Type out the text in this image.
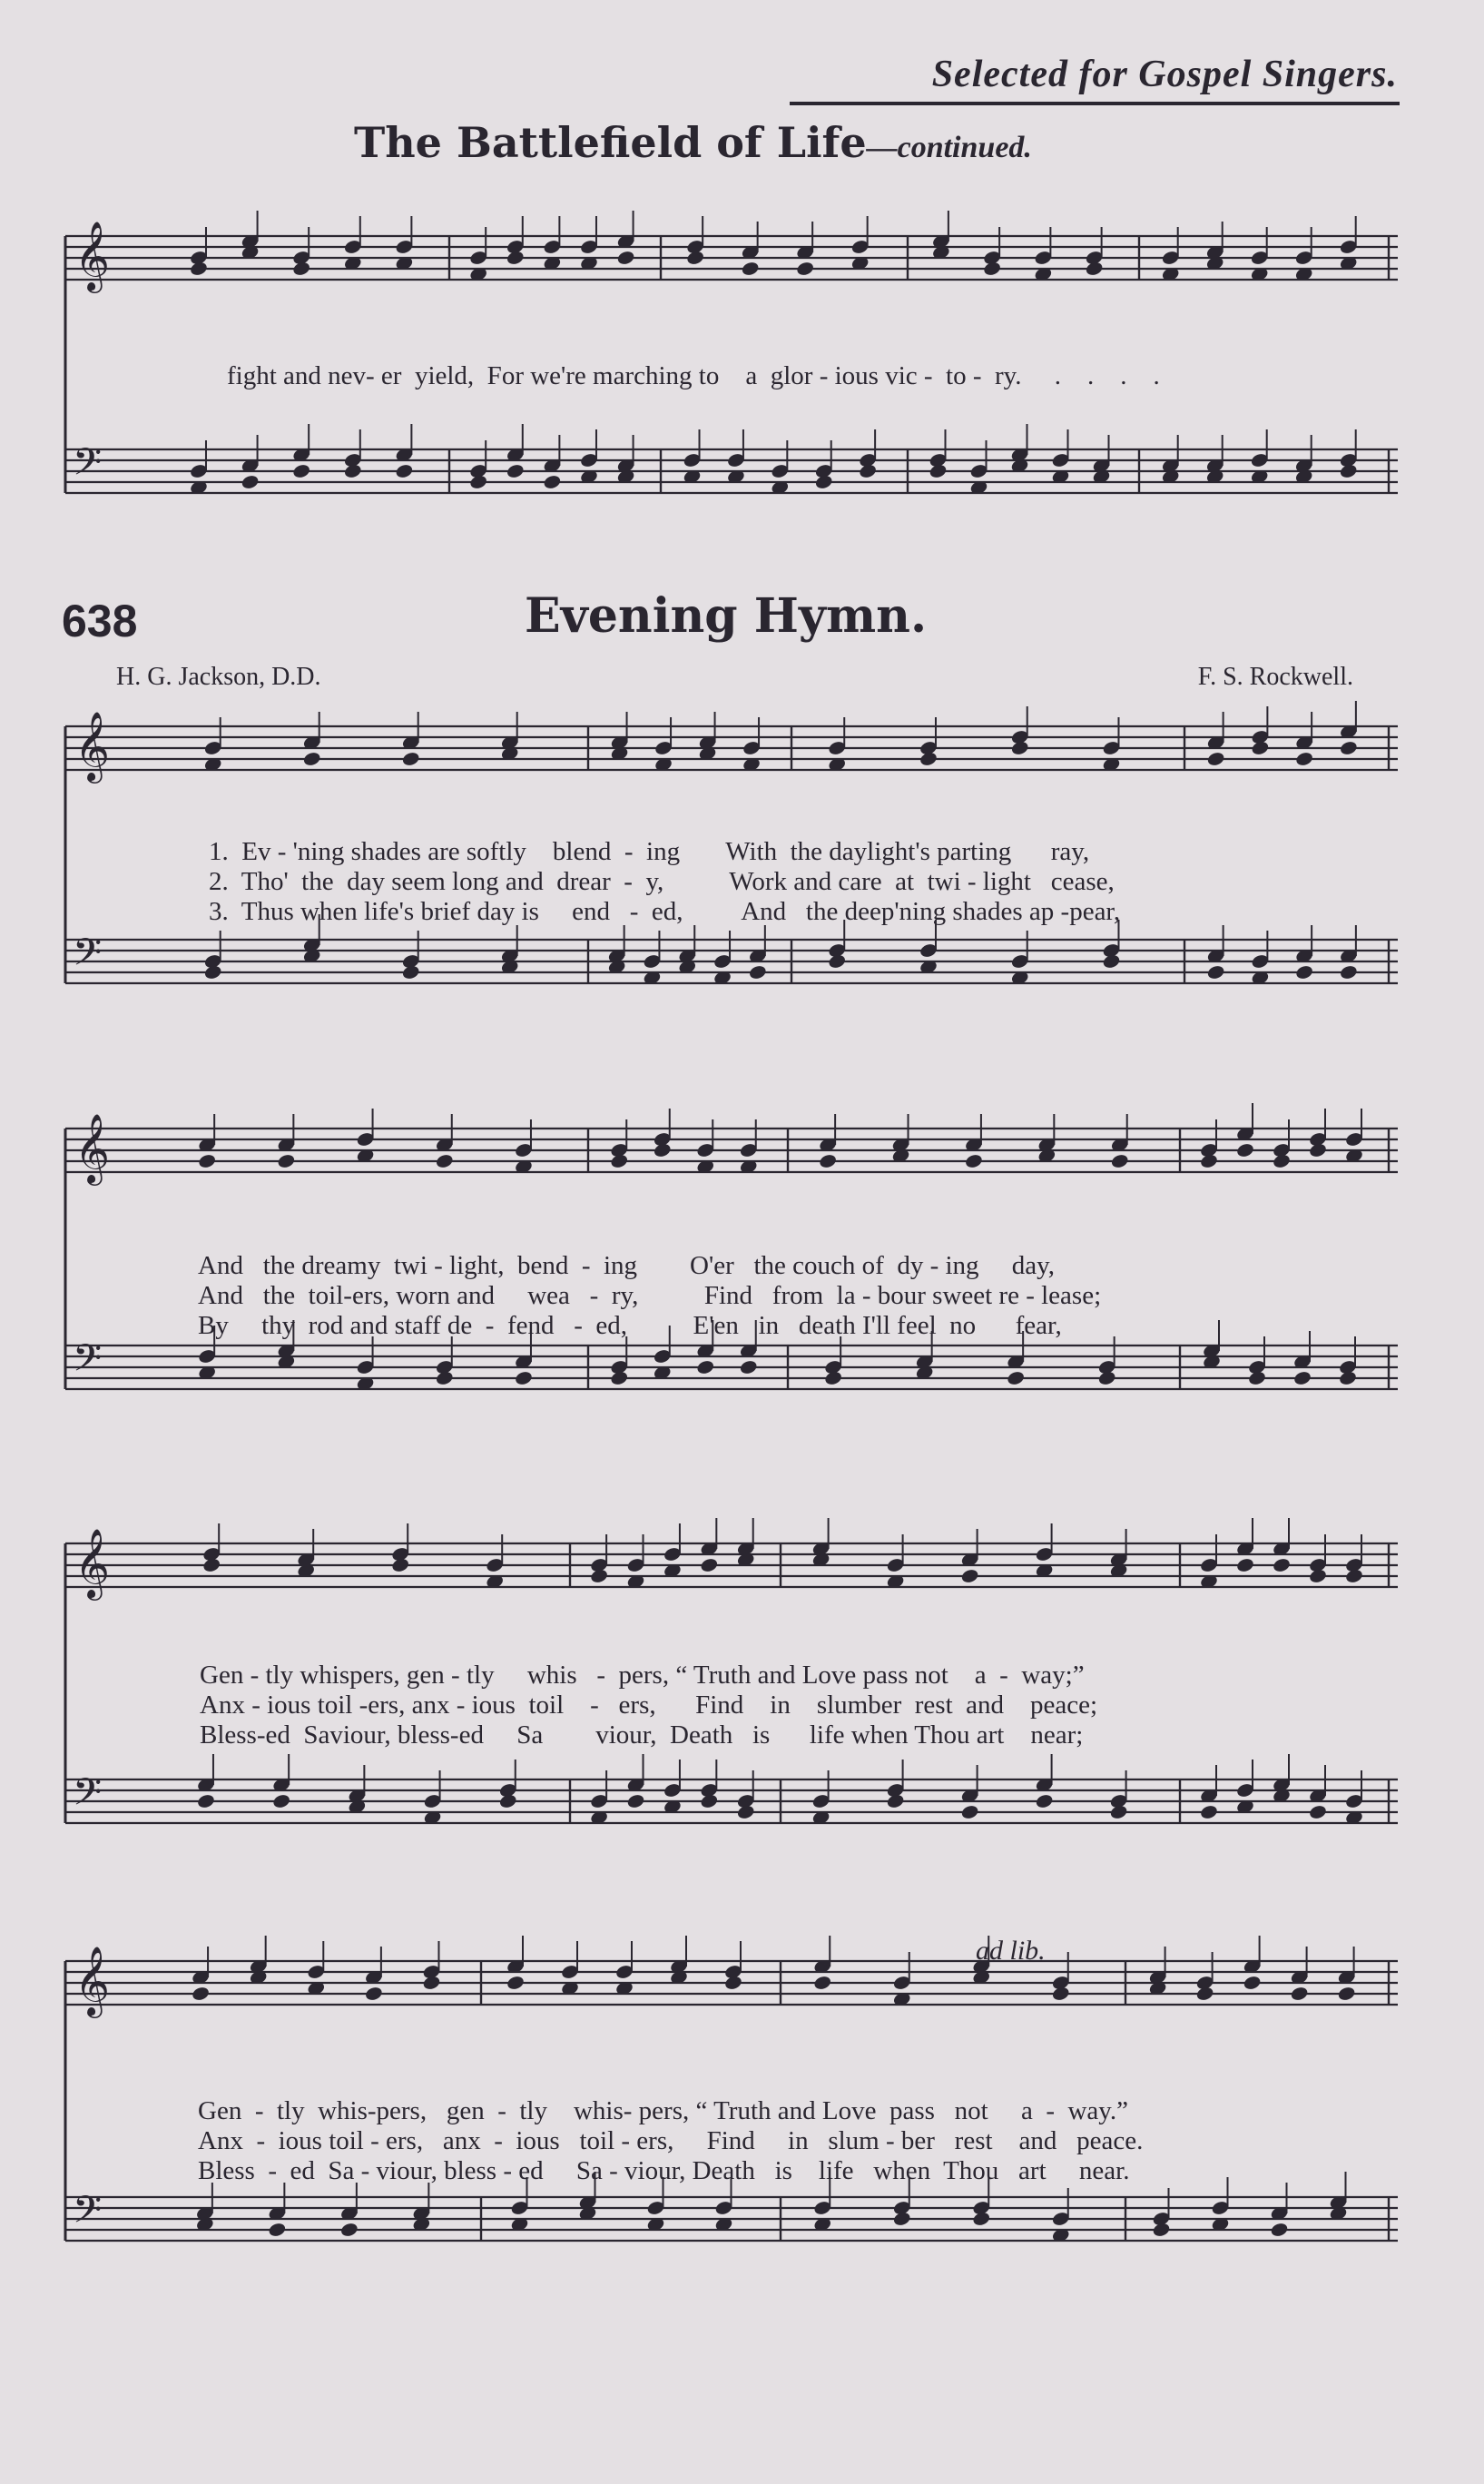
Selected for Gospel Singers.
The Battlefield of Life—continued.
𝄞
𝄢
fight and nev- er  yield,  For we're marching to    a  glor - ious vic -  to -  ry.     .    .    .    .
638	Evening Hymn.
H. G. Jackson, D.D.	F. S. Rockwell.
𝄞
𝄢
𝄞
𝄢
𝄞
𝄢
𝄞
𝄢
1.  Ev - 'ning shades are softly    blend  -  ing       With  the daylight's parting      ray,
2.  Tho'  the  day seem long and  drear  -  y,          Work and care  at  twi - light   cease,
3.  Thus when life's brief day is     end   -  ed,         And   the deep'ning shades ap -pear,
And   the dreamy  twi - light,  bend  -  ing        O'er   the couch of  dy - ing     day,
And   the  toil-ers, worn and     wea   -  ry,          Find   from  la - bour sweet re - lease;
By     thy  rod and staff de  -  fend   -  ed,          E'en   in   death I'll feel  no      fear,
Gen - tly whispers, gen - tly     whis   -  pers, “ Truth and Love pass not    a  -  way;”
Anx - ious toil -ers, anx - ious  toil    -   ers,      Find    in    slumber  rest  and    peace;
Bless-ed  Saviour, bless-ed     Sa        viour,  Death   is      life when Thou art    near;
ad lib.
Gen  -  tly  whis-pers,   gen  -  tly    whis- pers, “ Truth and Love  pass   not     a  -  way.”
Anx  -  ious toil - ers,   anx  -  ious   toil - ers,     Find     in   slum - ber   rest    and   peace.
Bless  -  ed  Sa - viour, bless - ed     Sa - viour, Death   is    life   when  Thou   art     near.
